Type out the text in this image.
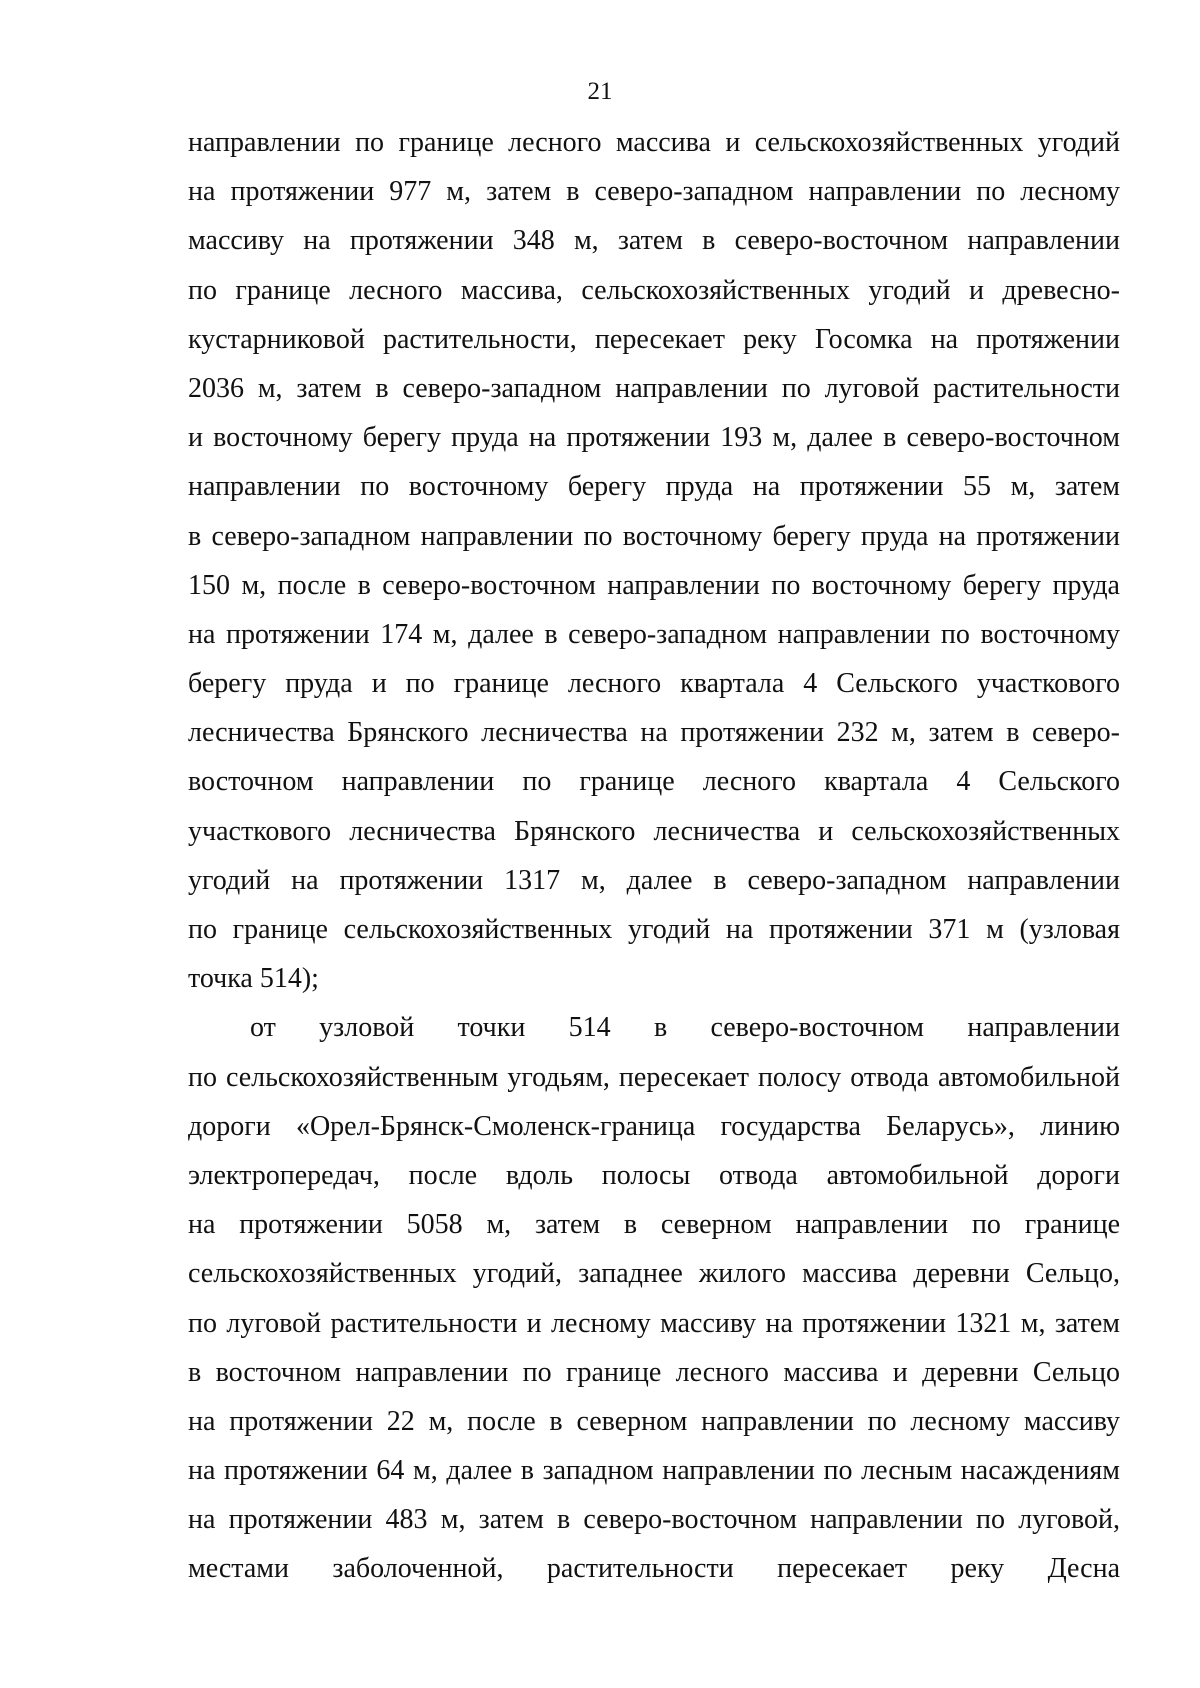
21
направлении по границе лесного массива и сельскохозяйственных угодий
на протяжении 977 м, затем в северо-западном направлении по лесному
массиву на протяжении 348 м, затем в северо-восточном направлении
по границе лесного массива, сельскохозяйственных угодий и древесно-
кустарниковой растительности, пересекает реку Госомка на протяжении
2036 м, затем в северо-западном направлении по луговой растительности
и восточному берегу пруда на протяжении 193 м, далее в северо-восточном
направлении по восточному берегу пруда на протяжении 55 м, затем
в северо-западном направлении по восточному берегу пруда на протяжении
150 м, после в северо-восточном направлении по восточному берегу пруда
на протяжении 174 м, далее в северо-западном направлении по восточному
берегу пруда и по границе лесного квартала 4 Сельского участкового
лесничества Брянского лесничества на протяжении 232 м, затем в северо-
восточном направлении по границе лесного квартала 4 Сельского
участкового лесничества Брянского лесничества и сельскохозяйственных
угодий на протяжении 1317 м, далее в северо-западном направлении
по границе сельскохозяйственных угодий на протяжении 371 м (узловая
точка 514);
от узловой точки 514 в северо-восточном направлении
по сельскохозяйственным угодьям, пересекает полосу отвода автомобильной
дороги «Орел-Брянск-Смоленск-граница государства Беларусь», линию
электропередач, после вдоль полосы отвода автомобильной дороги
на протяжении 5058 м, затем в северном направлении по границе
сельскохозяйственных угодий, западнее жилого массива деревни Сельцо,
по луговой растительности и лесному массиву на протяжении 1321 м, затем
в восточном направлении по границе лесного массива и деревни Сельцо
на протяжении 22 м, после в северном направлении по лесному массиву
на протяжении 64 м, далее в западном направлении по лесным насаждениям
на протяжении 483 м, затем в северо-восточном направлении по луговой,
местами заболоченной, растительности пересекает реку Десна
